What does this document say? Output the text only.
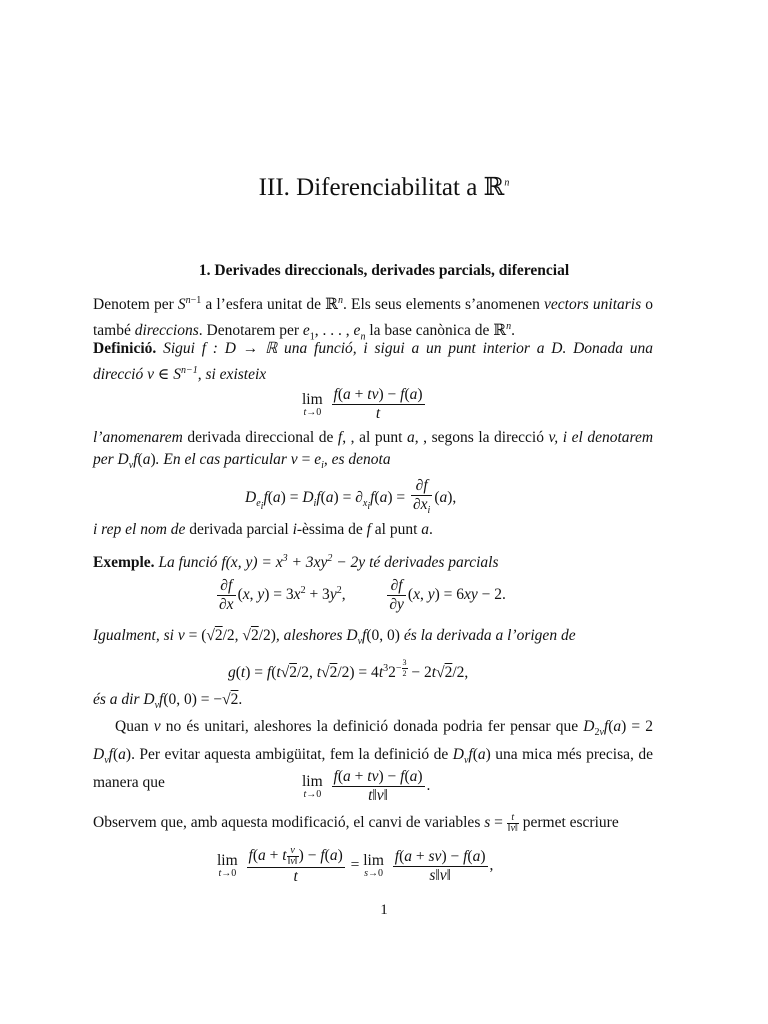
III. Diferenciabilitat a ℝ$^n$
1. Derivades direccionals, derivades parcials, diferencial
Denotem per $S^{n-1}$ a l’esfera unitat de ℝ$^n$. Els seus elements s’anomenen vectors unitaris o també direccions. Denotarem per $e_1$, . . . , $e_n$ la base canònica de ℝ$^n$.
Definició. Sigui f : D → ℝ una funció, i sigui a un punt interior a D. Donada una direcció v ∈ $S^{n-1}$, si existeix
lim
t→0
$\frac{f(a + tv) - f(a)}{t}$
l’anomenarem derivada direccional de f, , al punt a, , segons la direcció v, i el denotarem per $D_vf(a)$. En el cas particular $v = e_i$, es denota
$D_{e_i}f(a) = D_if(a) = \partial_{x_i}f(a) = \frac{\partial f}{\partial x_i} (a)$,
i rep el nom de derivada parcial i-èssima de f al punt a.
Exemple. La funció f(x, $y) = x^3 + 3xy^2 - 2y$ té derivades parcials
$\frac{\partial f}{\partial x} (x$, $y) = 3x^2 + 3y^2$, $\frac{\partial f}{\partial y} (x$, y) = 6xy − 2.
Igualment, si v = (√2/2, √2/2), aleshores $D_vf(0$, 0) és la derivada a l’origen de
g(t) = f(t√2/2, $t√2/2) = 4t^32^{- \frac{3}{2}} - 2t√2/2$,
és a dir $D_vf(0$, 0) = −√2.
Quan v no és unitari, aleshores la definició donada podria fer pensar que $D_{2v}f(a) = 2$ $D_vf(a)$. Per evitar aquesta ambigüitat, fem la definició de $D_vf(a)$ una mica més precisa, de manera que	lim
t→0
$\frac{f(a + tv) - f(a)}{t‖v‖}$ .
Observem que, amb aquesta modificació, el canvi de variables $s = \frac{t}{‖v‖}$ permet escriure
lim
t→0
$\frac{f(a + t \frac{v}{‖v‖} ) - f(a)}{t} = \lim$
s→0
$\frac{f(a + sv) - f(a)}{s‖v‖}$ ,
1
